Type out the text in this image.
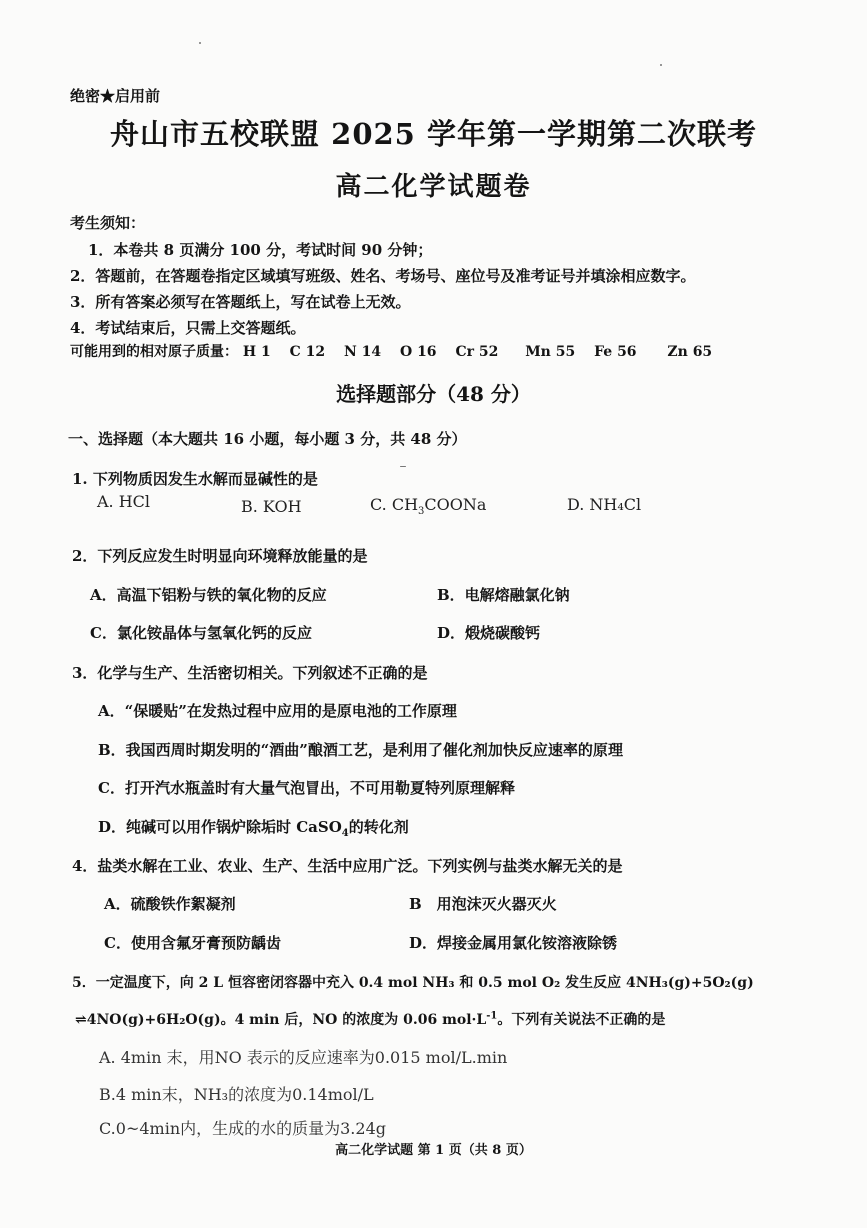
绝密★启用前
舟山市五校联盟 2025 学年第一学期第二次联考
高二化学试题卷
考生须知：
1．本卷共 8 页满分 100 分，考试时间 90 分钟；
2．答题前，在答题卷指定区域填写班级、姓名、考场号、座位号及准考证号并填涂相应数字。
3．所有答案必须写在答题纸上，写在试卷上无效。
4．考试结束后，只需上交答题纸。
可能用到的相对原子质量： H 1 C 12 N 14 O 16 Cr 52 Mn 55 Fe 56 Zn 65
选择题部分（48 分）
一、选择题（本大题共 16 小题，每小题 3 分，共 48 分）
1. 下列物质因发生水解而显碱性的是
A. HCl	B. KOH	C. $CH_3COONa$	D. NH₄Cl
2．下列反应发生时明显向环境释放能量的是
A．高温下铝粉与铁的氧化物的反应	B．电解熔融氯化钠
C．氯化铵晶体与氢氧化钙的反应	D．煅烧碳酸钙
3．化学与生产、生活密切相关。下列叙述不正确的是
A．“保暖贴”在发热过程中应用的是原电池的工作原理
B．我国西周时期发明的“酒曲”酿酒工艺，是利用了催化剂加快反应速率的原理
C．打开汽水瓶盖时有大量气泡冒出，不可用勒夏特列原理解释
D．纯碱可以用作锅炉除垢时 CaSO$_4$的转化剂
4．盐类水解在工业、农业、生产、生活中应用广泛。下列实例与盐类水解无关的是
A．硫酸铁作絮凝剂	B　用泡沫灭火器灭火
C．使用含氟牙膏预防龋齿	D．焊接金属用氯化铵溶液除锈
5．一定温度下，向 2 L 恒容密闭容器中充入 0.4 mol NH₃ 和 0.5 mol O₂ 发生反应 4NH₃(g)+5O₂(g)
⇌4NO(g)+6H₂O(g)。4 min 后，NO 的浓度为 0.06 $mol\cdot L^{-1}$。下列有关说法不正确的是
A. 4min 末，用NO 表示的反应速率为0.015 mol/L.min
B.4 min末，NH₃的浓度为0.14mol/L
C.0~4min内，生成的水的质量为3.24g
高二化学试题 第 1 页（共 8 页）
